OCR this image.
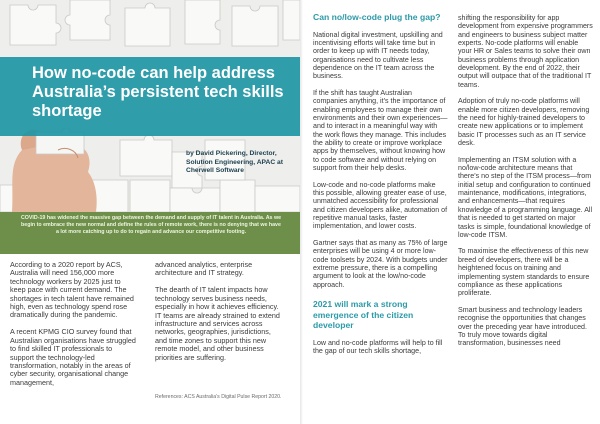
How no-code can help address Australia’s persistent tech skills shortage
by David Pickering, Director, Solution Engineering, APAC at Cherwell Software
COVID-19 has widened the massive gap between the demand and supply of IT talent in Australia. As we begin to embrace the new normal and define the rules of remote work, there is no denying that we have a lot more catching up to do to regain and advance our competitive footing.

According to a 2020 report by ACS, Australia will need 156,000 more technology workers by 2025 just to keep pace with current demand. The shortages in tech talent have remained high, even as technology spend rose dramatically during the pandemic.

A recent KPMG CIO survey found that Australian organisations have struggled to find skilled IT professionals to support the technology-led transformation, notably in the areas of cyber security, organisational change management,

advanced analytics, enterprise architecture and IT strategy.

The dearth of IT talent impacts how technology serves business needs, especially in how it achieves efficiency. IT teams are already strained to extend infrastructure and services across networks, geographies, jurisdictions, and time zones to support this new remote model, and other business priorities are suffering.

References: ACS Australia’s Digital Pulse Report 2020.
Can no/low-code plug the gap?

National digital investment, upskilling and incentivising efforts will take time but in order to keep up with IT needs today, organisations need to cultivate less dependence on the IT team across the business.

If the shift has taught Australian companies anything, it’s the importance of enabling employees to manage their own environments and their own experiences—and to interact in a meaningful way with the work flows they manage. This includes the ability to create or improve workplace apps by themselves, without knowing how to code software and without relying on support from their help desks.

Low-code and no-code platforms make this possible, allowing greater ease of use, unmatched accessibility for professional and citizen developers alike, automation of repetitive manual tasks, faster implementation, and lower costs.

Gartner says that as many as 75% of large enterprises will be using 4 or more low-code toolsets by 2024. With budgets under extreme pressure, there is a compelling argument to look at the low/no-code approach.

2021 will mark a strong emergence of the citizen developer

Low and no-code platforms will help to fill the gap of our tech skills shortage,

shifting the responsibility for app development from expensive programmers and engineers to business subject matter experts. No-code platforms will enable your HR or Sales teams to solve their own business problems through application development. By the end of 2022, their output will outpace that of the traditional IT teams.

Adoption of truly no-code platforms will enable more citizen developers, removing the need for highly-trained developers to create new applications or to implement basic IT processes such as an IT service desk.

Implementing an ITSM solution with a no/low-code architecture means that there’s no step of the ITSM process—from initial setup and configuration to continued maintenance, modifications, integrations, and enhancements—that requires knowledge of a programming language. All that is needed to get started on major tasks is simple, foundational knowledge of low-code ITSM.

To maximise the effectiveness of this new breed of developers, there will be a heightened focus on training and implementing system standards to ensure compliance as these applications proliferate.

Smart business and technology leaders recognise the opportunities that changes over the preceding year have introduced. To truly move towards digital transformation, businesses need
